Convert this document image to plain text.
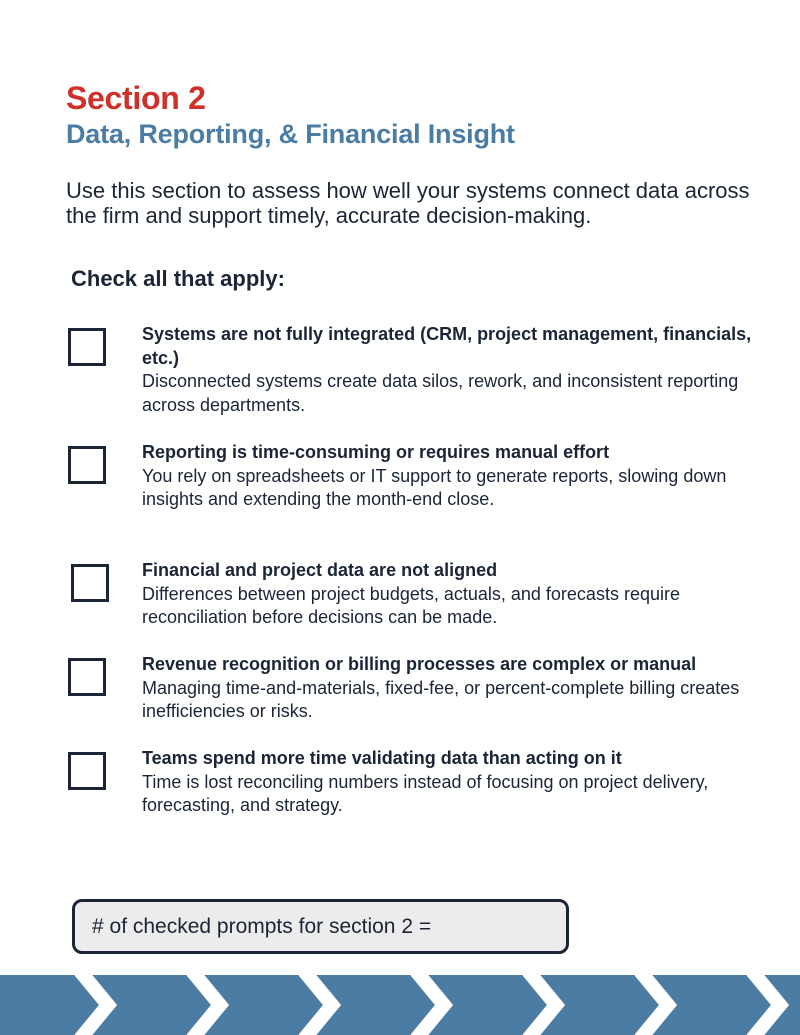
Section 2
Data, Reporting, & Financial Insight
Use this section to assess how well your systems connect data across the firm and support timely, accurate decision-making.
Check all that apply:
Systems are not fully integrated (CRM, project management, financials, etc.)
Disconnected systems create data silos, rework, and inconsistent reporting across departments.
Reporting is time-consuming or requires manual effort
You rely on spreadsheets or IT support to generate reports, slowing down insights and extending the month-end close.
Financial and project data are not aligned
Differences between project budgets, actuals, and forecasts require reconciliation before decisions can be made.
Revenue recognition or billing processes are complex or manual
Managing time-and-materials, fixed-fee, or percent-complete billing creates inefficiencies or risks.
Teams spend more time validating data than acting on it
Time is lost reconciling numbers instead of focusing on project delivery, forecasting, and strategy.
# of checked prompts for section 2 =
